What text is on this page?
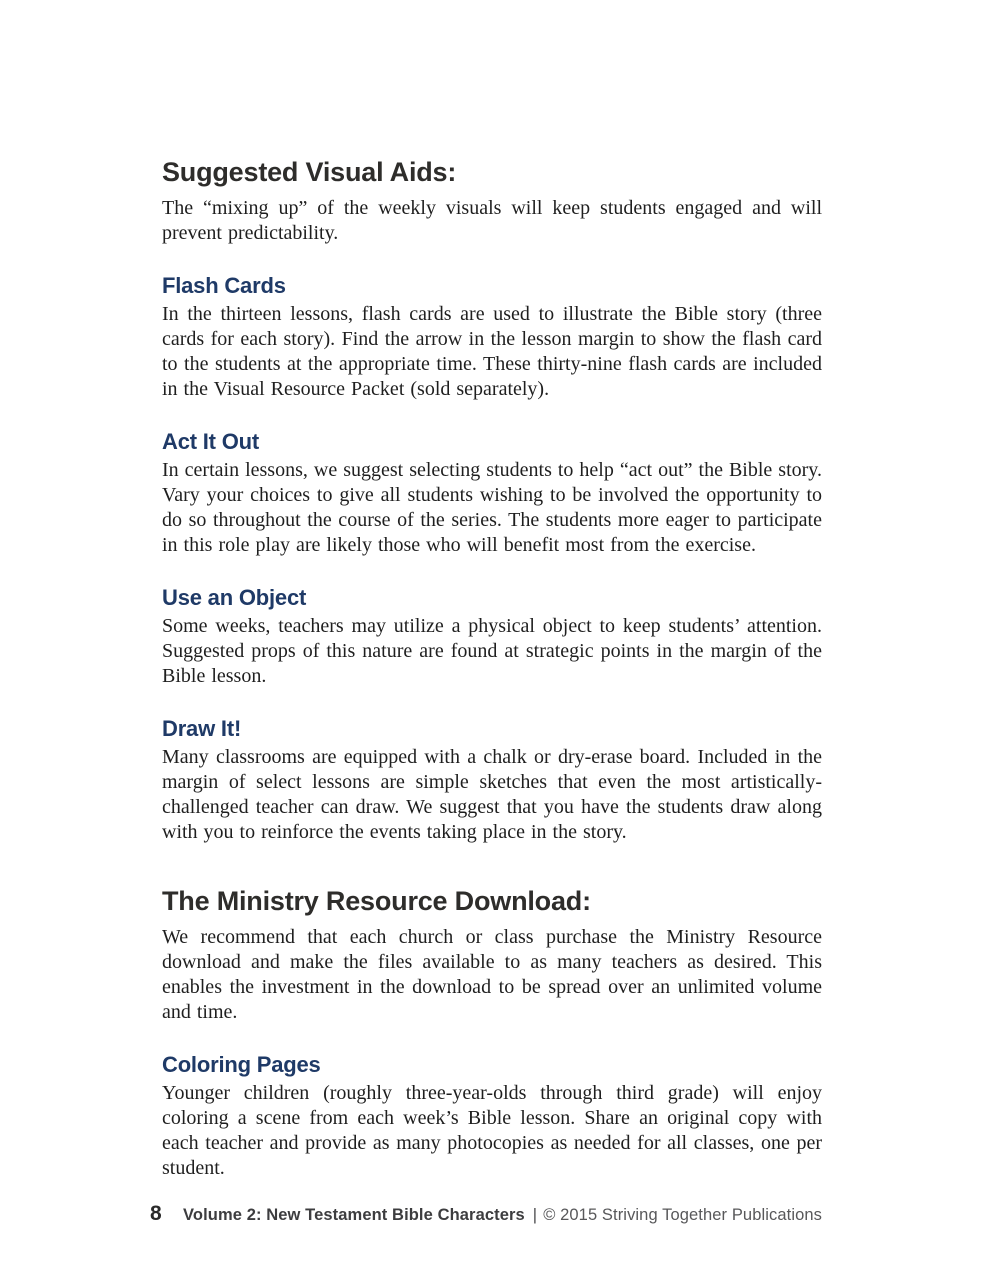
Suggested Visual Aids:

The “mixing up” of the weekly visuals will keep students engaged and will prevent predictability.

Flash Cards

In the thirteen lessons, flash cards are used to illustrate the Bible story (three cards for each story). Find the arrow in the lesson margin to show the flash card to the students at the appropriate time. These thirty-nine flash cards are included in the Visual Resource Packet (sold separately).

Act It Out

In certain lessons, we suggest selecting students to help “act out” the Bible story. Vary your choices to give all students wishing to be involved the opportunity to do so throughout the course of the series. The students more eager to participate in this role play are likely those who will benefit most from the exercise.

Use an Object

Some weeks, teachers may utilize a physical object to keep students’ attention. Suggested props of this nature are found at strategic points in the margin of the Bible lesson.

Draw It!

Many classrooms are equipped with a chalk or dry-erase board. Included in the margin of select lessons are simple sketches that even the most artistically-challenged teacher can draw. We suggest that you have the students draw along with you to reinforce the events taking place in the story.

The Ministry Resource Download:

We recommend that each church or class purchase the Ministry Resource download and make the files available to as many teachers as desired. This enables the investment in the download to be spread over an unlimited volume and time.

Coloring Pages

Younger children (roughly three-year-olds through third grade) will enjoy coloring a scene from each week’s Bible lesson. Share an original copy with each teacher and provide as many photocopies as needed for all classes, one per student.

8 Volume 2: New Testament Bible Characters | © 2015 Striving Together Publications
